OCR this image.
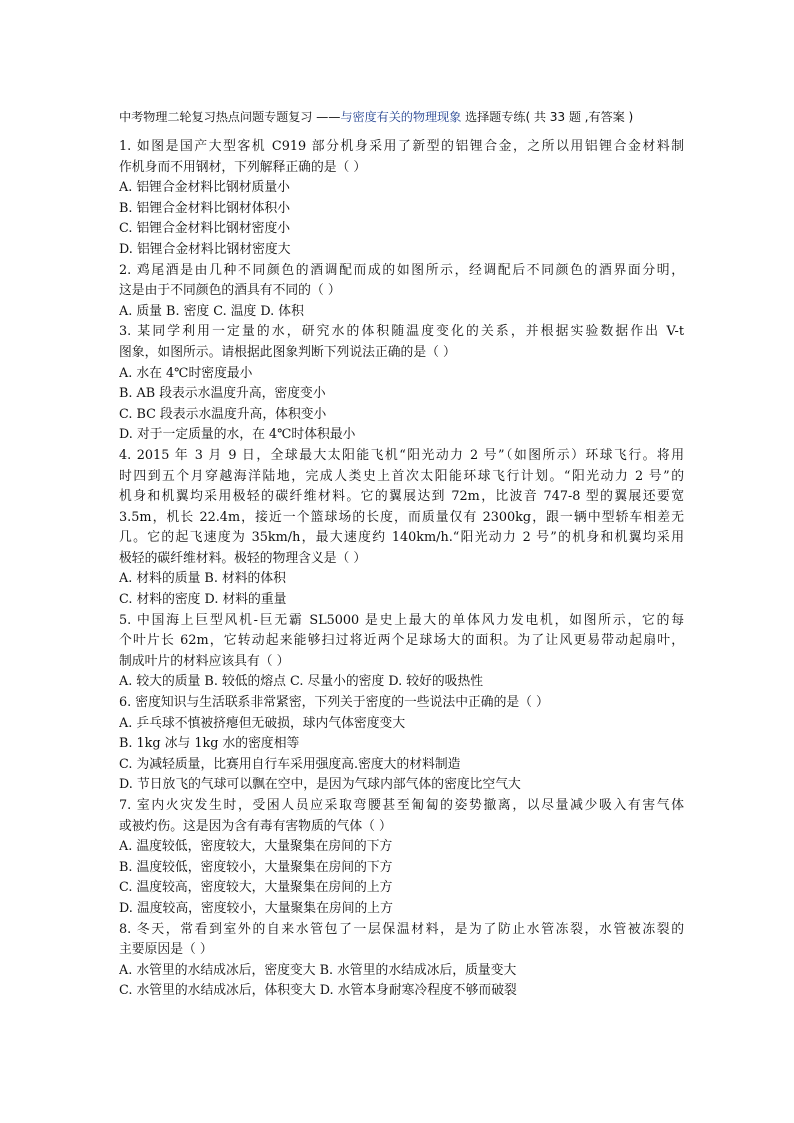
中考物理二轮复习热点问题专题复习 ——与密度有关的物理现象 选择题专练( 共 33 题 ,有答案 )
1. 如图是国产大型客机 C919 部分机身采用了新型的铝锂合金，之所以用铝锂合金材料制
作机身而不用钢材，下列解释正确的是（ ）
A. 铝锂合金材料比钢材质量小
B. 铝锂合金材料比钢材体积小
C. 铝锂合金材料比钢材密度小
D. 铝锂合金材料比钢材密度大
2. 鸡尾酒是由几种不同颜色的酒调配而成的如图所示，经调配后不同颜色的酒界面分明，
这是由于不同颜色的酒具有不同的（ ）
A. 质量 B. 密度 C. 温度 D. 体积
3. 某同学利用一定量的水，研究水的体积随温度变化的关系，并根据实验数据作出 V-t
图象，如图所示。请根据此图象判断下列说法正确的是（ ）
A. 水在 4℃时密度最小
B. AB 段表示水温度升高，密度变小
C. BC 段表示水温度升高，体积变小
D. 对于一定质量的水，在 4℃时体积最小
4. 2015 年 3 月 9 日，全球最大太阳能飞机“阳光动力 2 号”（如图所示）环球飞行。将用
时四到五个月穿越海洋陆地，完成人类史上首次太阳能环球飞行计划。“阳光动力 2 号”的
机身和机翼均采用极轻的碳纤维材料。它的翼展达到 72m，比波音 747-8 型的翼展还要宽
3.5m，机长 22.4m，接近一个篮球场的长度，而质量仅有 2300kg，跟一辆中型轿车相差无
几。它的起飞速度为 35km/h，最大速度约 140km/h.“阳光动力 2 号”的机身和机翼均采用
极轻的碳纤维材料。极轻的物理含义是（ ）
A. 材料的质量 B. 材料的体积
C. 材料的密度 D. 材料的重量
5. 中国海上巨型风机-巨无霸 SL5000 是史上最大的单体风力发电机，如图所示，它的每
个叶片长 62m，它转动起来能够扫过将近两个足球场大的面积。为了让风更易带动起扇叶，
制成叶片的材料应该具有（ ）
A. 较大的质量 B. 较低的熔点 C. 尽量小的密度 D. 较好的吸热性
6. 密度知识与生活联系非常紧密，下列关于密度的一些说法中正确的是（ ）
A. 乒乓球不慎被挤瘪但无破损，球内气体密度变大
B. 1kg 冰与 1kg 水的密度相等
C. 为减轻质量，比赛用自行车采用强度高.密度大的材料制造
D. 节日放飞的气球可以飘在空中，是因为气球内部气体的密度比空气大
7. 室内火灾发生时，受困人员应采取弯腰甚至匍匐的姿势撤离，以尽量减少吸入有害气体
或被灼伤。这是因为含有毒有害物质的气体（ ）
A. 温度较低，密度较大，大量聚集在房间的下方
B. 温度较低，密度较小，大量聚集在房间的下方
C. 温度较高，密度较大，大量聚集在房间的上方
D. 温度较高，密度较小，大量聚集在房间的上方
8. 冬天，常看到室外的自来水管包了一层保温材料，是为了防止水管冻裂，水管被冻裂的
主要原因是（ ）
A. 水管里的水结成冰后，密度变大 B. 水管里的水结成冰后，质量变大
C. 水管里的水结成冰后，体积变大 D. 水管本身耐寒冷程度不够而破裂
